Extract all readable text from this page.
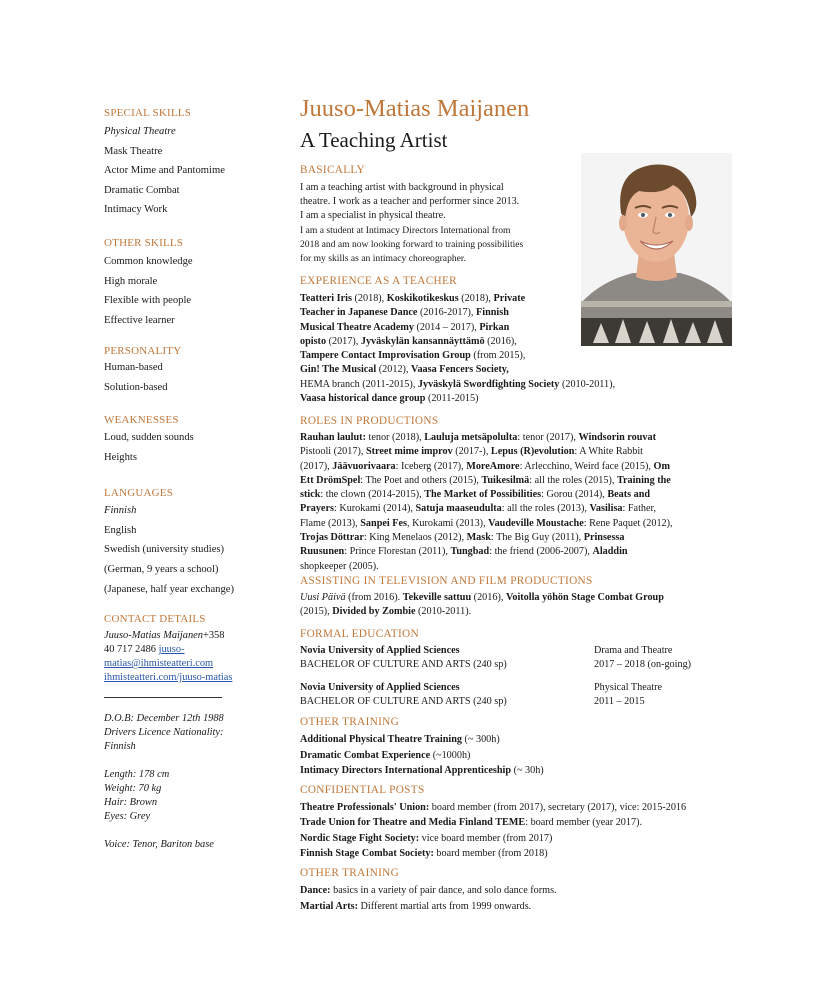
SPECIAL SKILLS
Physical Theatre
Mask Theatre
Actor Mime and Pantomime
Dramatic Combat
Intimacy Work
OTHER SKILLS
Common knowledge
High morale
Flexible with people
Effective learner
PERSONALITY
Human-based
Solution-based
WEAKNESSES
Loud, sudden sounds
Heights
LANGUAGES
Finnish
English
Swedish (university studies)
(German, 9 years a school)
(Japanese, half year exchange)
CONTACT DETAILS
Juuso-Matias Maijanen+358
40 717 2486 juuso-
matias@ihmisteatteri.com
ihmisteatteri.com/juuso-matias
D.O.B: December 12th 1988
Drivers Licence Nationality:
Finnish
Length: 178 cm
Weight: 70 kg
Hair: Brown
Eyes: Grey
Voice: Tenor, Bariton base
Juuso-Matias Maijanen
A Teaching Artist
BASICALLY
I am a teaching artist with background in physical
theatre. I work as a teacher and performer since 2013.
I am a specialist in physical theatre.
I am a student at Intimacy Directors International from
2018 and am now looking forward to training possibilities
for my skills as an intimacy choreographer.
EXPERIENCE AS A TEACHER
Teatteri Iris (2018), Koskikotikeskus (2018), Private
Teacher in Japanese Dance (2016-2017), Finnish
Musical Theatre Academy (2014 – 2017), Pirkan
opisto (2017), Jyväskylän kansannäyttämö (2016),
Tampere Contact Improvisation Group (from 2015),
Gin! The Musical (2012), Vaasa Fencers Society,
HEMA branch (2011-2015), Jyväskylä Swordfighting Society (2010-2011),
Vaasa historical dance group (2011-2015)
ROLES IN PRODUCTIONS
Rauhan laulut: tenor (2018), Lauluja metsäpolulta: tenor (2017), Windsorin rouvat
Pistooli (2017), Street mime improv (2017-), Lepus (R)evolution: A White Rabbit
(2017), Jäävuorivaara: Iceberg (2017), MoreAmore: Arlecchino, Weird face (2015), Om
Ett DrömSpel: The Poet and others (2015), Tuikesilmä: all the roles (2015), Training the
stick: the clown (2014-2015), The Market of Possibilities: Gorou (2014), Beats and
Prayers: Kurokami (2014), Satuja maaseudulta: all the roles (2013), Vasilisa: Father,
Flame (2013), Sanpei Fes, Kurokami (2013), Vaudeville Moustache: Rene Paquet (2012),
Trojas Döttrar: King Menelaos (2012), Mask: The Big Guy (2011), Prinsessa
Ruusunen: Prince Florestan (2011), Tungbad: the friend (2006-2007), Aladdin
shopkeeper (2005).
ASSISTING IN TELEVISION AND FILM PRODUCTIONS
Uusi Päivä (from 2016). Tekeville sattuu (2016), Voitolla yöhön Stage Combat Group
(2015), Divided by Zombie (2010-2011).
FORMAL EDUCATION
Novia University of Applied Sciences
BACHELOR OF CULTURE AND ARTS (240 sp)
Drama and Theatre
2017 – 2018 (on-going)
Novia University of Applied Sciences
BACHELOR OF CULTURE AND ARTS (240 sp)
Physical Theatre
2011 – 2015
OTHER TRAINING
Additional Physical Theatre Training (~ 300h)
Dramatic Combat Experience (~1000h)
Intimacy Directors International Apprenticeship (~ 30h)
CONFIDENTIAL POSTS
Theatre Professionals' Union: board member (from 2017), secretary (2017), vice: 2015-2016
Trade Union for Theatre and Media Finland TEME: board member (year 2017).
Nordic Stage Fight Society: vice board member (from 2017)
Finnish Stage Combat Society: board member (from 2018)
OTHER TRAINING
Dance: basics in a variety of pair dance, and solo dance forms.
Martial Arts: Different martial arts from 1999 onwards.
